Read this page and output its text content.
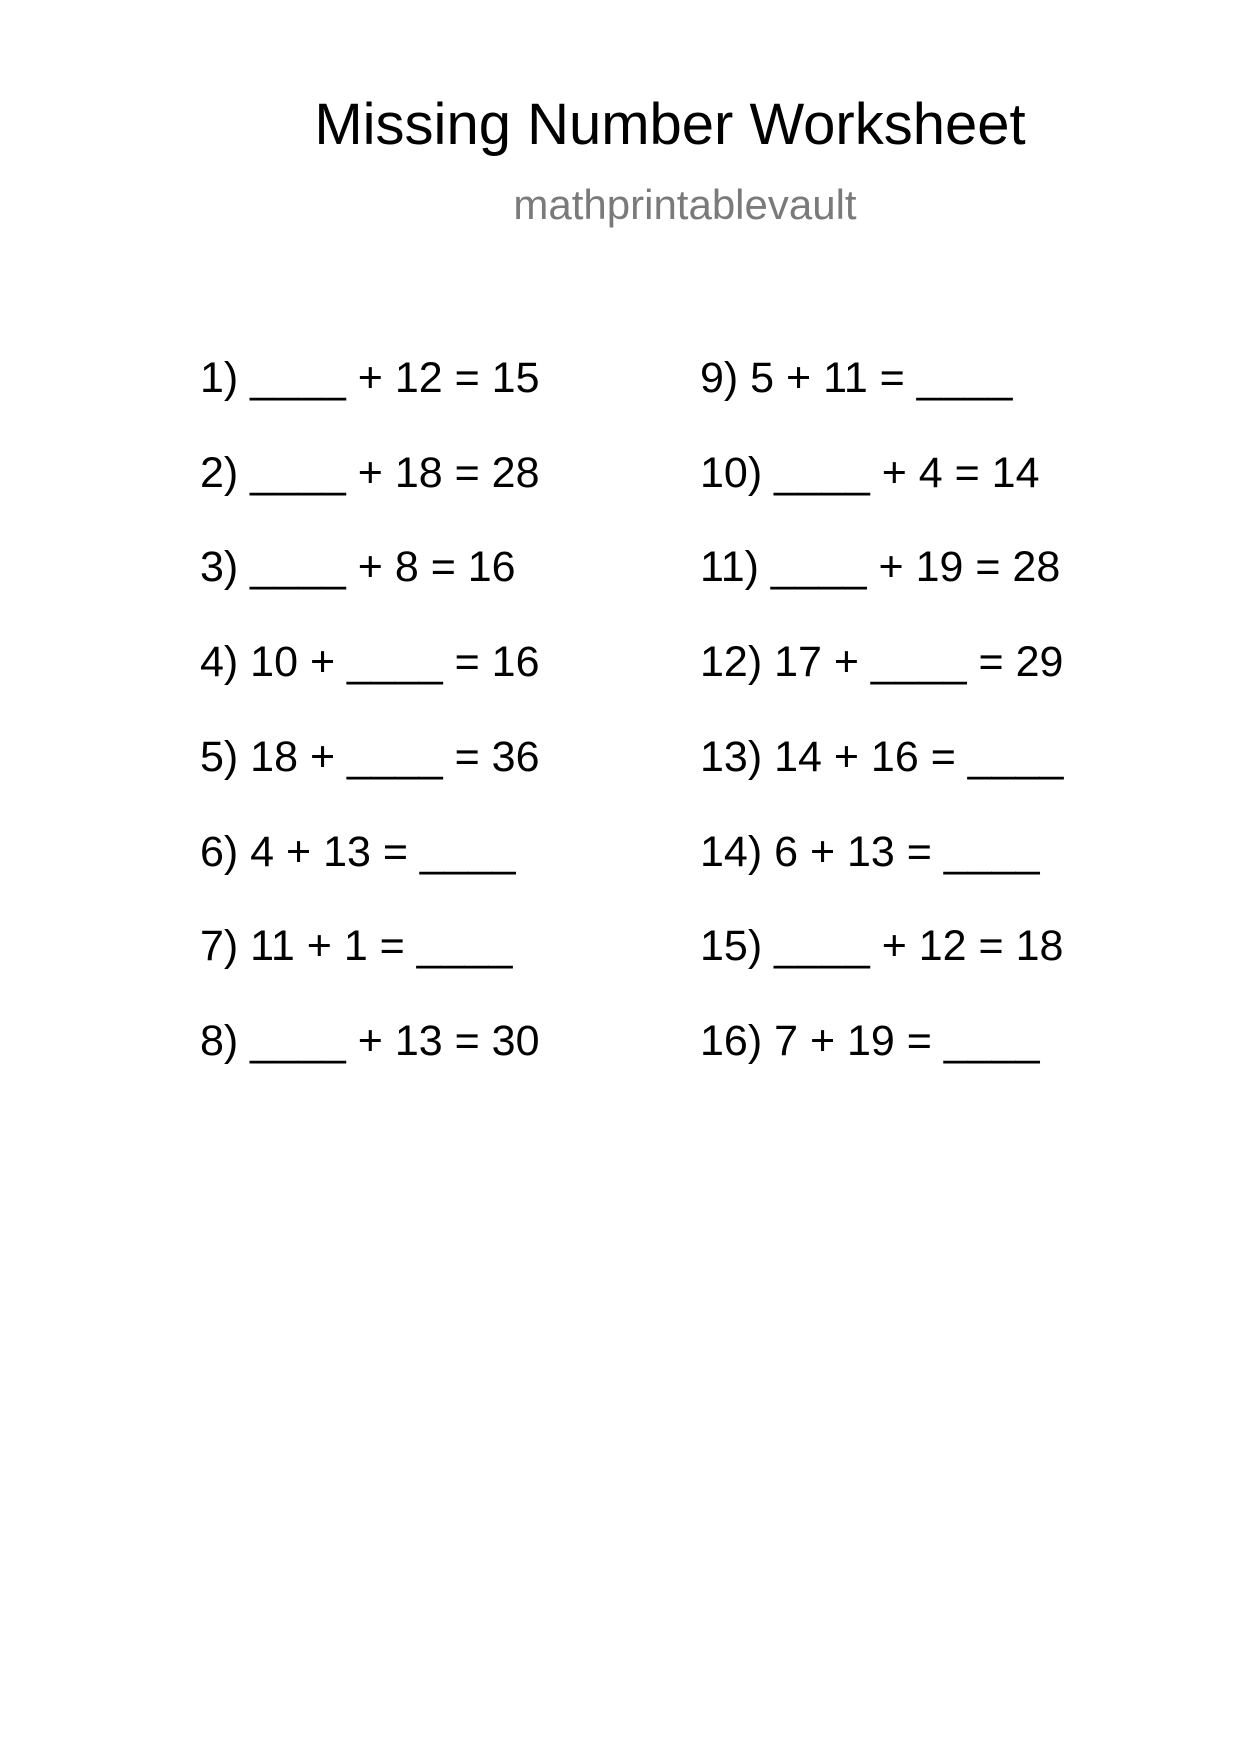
Missing Number Worksheet
mathprintablevault
1) ____ + 12 = 15
2) ____ + 18 = 28
3) ____ + 8 = 16
4) 10 + ____ = 16
5) 18 + ____ = 36
6) 4 + 13 = ____
7) 11 + 1 = ____
8) ____ + 13 = 30
9) 5 + 11 = ____
10) ____ + 4 = 14
11) ____ + 19 = 28
12) 17 + ____ = 29
13) 14 + 16 = ____
14) 6 + 13 = ____
15) ____ + 12 = 18
16) 7 + 19 = ____
